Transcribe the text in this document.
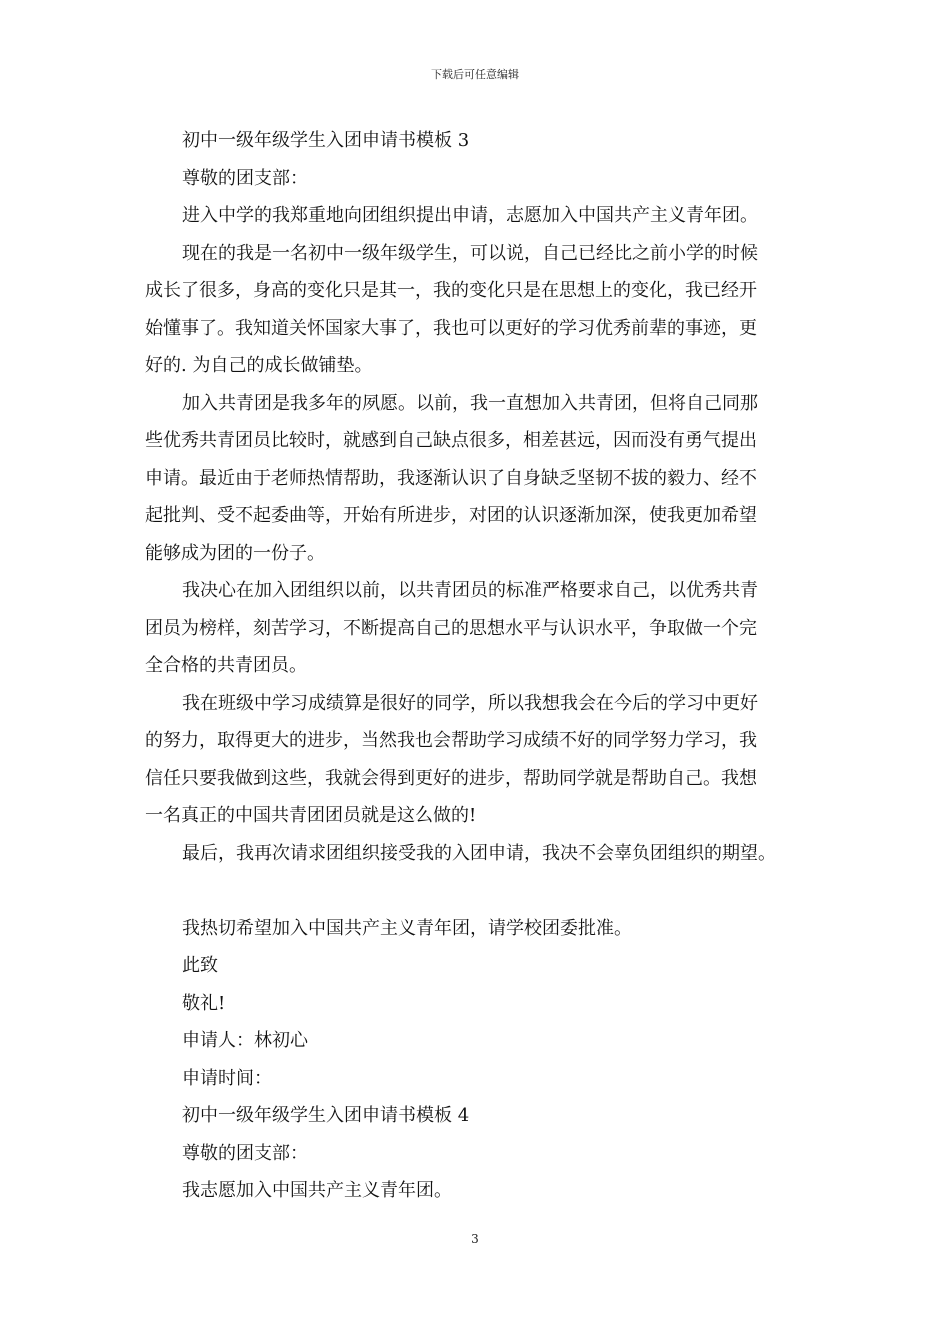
下载后可任意编辑
初中一级年级学生入团申请书模板 3
尊敬的团支部：
进入中学的我郑重地向团组织提出申请，志愿加入中国共产主义青年团。
现在的我是一名初中一级年级学生，可以说，自己已经比之前小学的时候
成长了很多，身高的变化只是其一，我的变化只是在思想上的变化，我已经开
始懂事了。我知道关怀国家大事了，我也可以更好的学习优秀前辈的事迹，更
好的. 为自己的成长做铺垫。
加入共青团是我多年的夙愿。以前，我一直想加入共青团，但将自己同那
些优秀共青团员比较时，就感到自己缺点很多，相差甚远，因而没有勇气提出
申请。最近由于老师热情帮助，我逐渐认识了自身缺乏坚韧不拔的毅力、经不
起批判、受不起委曲等，开始有所进步，对团的认识逐渐加深，使我更加希望
能够成为团的一份子。
我决心在加入团组织以前，以共青团员的标准严格要求自己，以优秀共青
团员为榜样，刻苦学习，不断提高自己的思想水平与认识水平，争取做一个完
全合格的共青团员。
我在班级中学习成绩算是很好的同学，所以我想我会在今后的学习中更好
的努力，取得更大的进步，当然我也会帮助学习成绩不好的同学努力学习，我
信任只要我做到这些，我就会得到更好的进步，帮助同学就是帮助自己。我想
一名真正的中国共青团团员就是这么做的!
最后，我再次请求团组织接受我的入团申请，我决不会辜负团组织的期望。
我热切希望加入中国共产主义青年团，请学校团委批准。
此致
敬礼!
申请人：林初心
申请时间：
初中一级年级学生入团申请书模板 4
尊敬的团支部：
我志愿加入中国共产主义青年团。
3
